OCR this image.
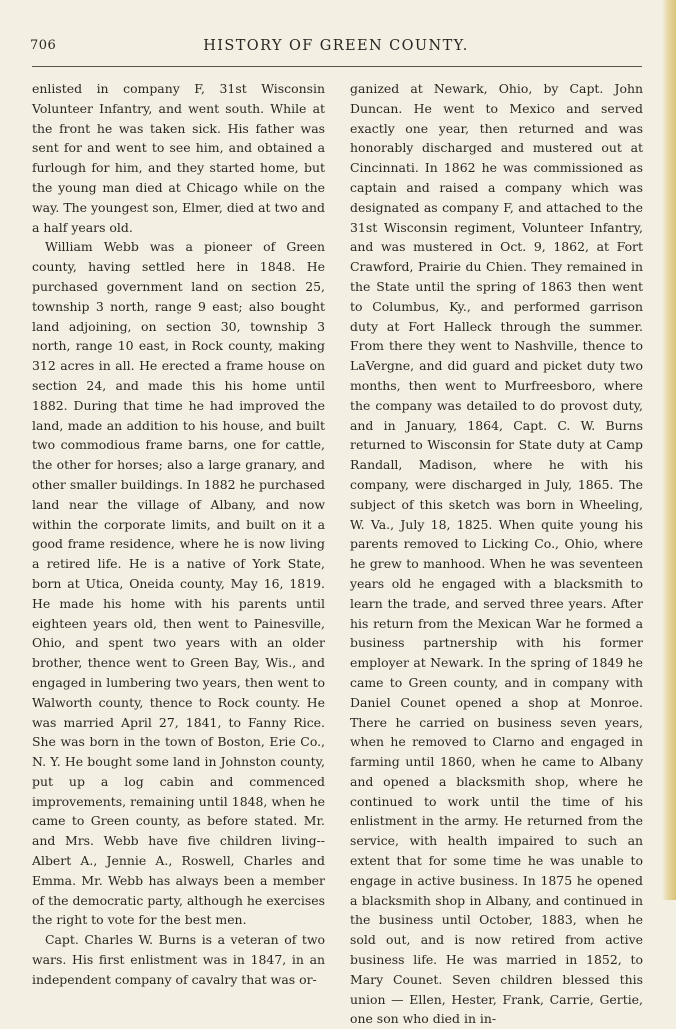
706	HISTORY OF GREEN COUNTY.

enlisted in company F, 31st Wisconsin Volunteer Infantry, and went south. While at the front he was taken sick. His father was sent for and went to see him, and obtained a furlough for him, and they started home, but the young man died at Chicago while on the way. The youngest son, Elmer, died at two and a half years old.

William Webb was a pioneer of Green county, having settled here in 1848. He purchased government land on section 25, township 3 north, range 9 east; also bought land adjoining, on section 30, township 3 north, range 10 east, in Rock county, making 312 acres in all. He erected a frame house on section 24, and made this his home until 1882. During that time he had improved the land, made an addition to his house, and built two commodious frame barns, one for cattle, the other for horses; also a large granary, and other smaller buildings. In 1882 he purchased land near the village of Albany, and now within the corporate limits, and built on it a good frame residence, where he is now living a retired life. He is a native of York State, born at Utica, Oneida county, May 16, 1819. He made his home with his parents until eighteen years old, then went to Painesville, Ohio, and spent two years with an older brother, thence went to Green Bay, Wis., and engaged in lumbering two years, then went to Walworth county, thence to Rock county. He was married April 27, 1841, to Fanny Rice. She was born in the town of Boston, Erie Co., N. Y. He bought some land in Johnston county, put up a log cabin and commenced improvements, remaining until 1848, when he came to Green county, as before stated. Mr. and Mrs. Webb have five children living--Albert A., Jennie A., Roswell, Charles and Emma. Mr. Webb has always been a member of the democratic party, although he exercises the right to vote for the best men.

Capt. Charles W. Burns is a veteran of two wars. His first enlistment was in 1847, in an independent company of cavalry that was or-

ganized at Newark, Ohio, by Capt. John Duncan. He went to Mexico and served exactly one year, then returned and was honorably discharged and mustered out at Cincinnati. In 1862 he was commissioned as captain and raised a company which was designated as company F, and attached to the 31st Wisconsin regiment, Volunteer Infantry, and was mustered in Oct. 9, 1862, at Fort Crawford, Prairie du Chien. They remained in the State until the spring of 1863 then went to Columbus, Ky., and performed garrison duty at Fort Halleck through the summer. From there they went to Nashville, thence to LaVergne, and did guard and picket duty two months, then went to Murfreesboro, where the company was detailed to do provost duty, and in January, 1864, Capt. C. W. Burns returned to Wisconsin for State duty at Camp Randall, Madison, where he with his company, were discharged in July, 1865. The subject of this sketch was born in Wheeling, W. Va., July 18, 1825. When quite young his parents removed to Licking Co., Ohio, where he grew to manhood. When he was seventeen years old he engaged with a blacksmith to learn the trade, and served three years. After his return from the Mexican War he formed a business partnership with his former employer at Newark. In the spring of 1849 he came to Green county, and in company with Daniel Counet opened a shop at Monroe. There he carried on business seven years, when he removed to Clarno and engaged in farming until 1860, when he came to Albany and opened a blacksmith shop, where he continued to work until the time of his enlistment in the army. He returned from the service, with health impaired to such an extent that for some time he was unable to engage in active business. In 1875 he opened a blacksmith shop in Albany, and continued in the business until October, 1883, when he sold out, and is now retired from active business life. He was married in 1852, to Mary Counet. Seven children blessed this union — Ellen, Hester, Frank, Carrie, Gertie, one son who died in in-
